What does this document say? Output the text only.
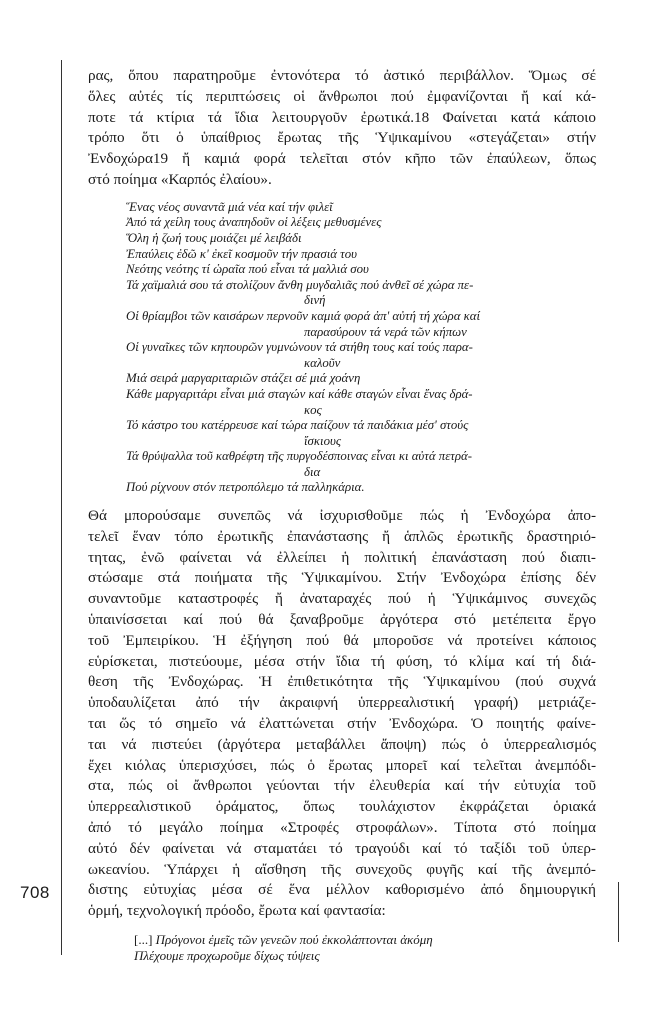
708
ρας, ὅπου παρατηροῦμε ἐντονότερα τό ἀστικό περιβάλλον. Ὅμως σέ
ὅλες αὐτές τίς περιπτώσεις οἱ ἄνθρωποι πού ἐμφανίζονται ἤ καί κά-
ποτε τά κτίρια τά ἴδια λειτουργοῦν ἐρωτικά.18 Φαίνεται κατά κάποιο
τρόπο ὅτι ὁ ὑπαίθριος ἔρωτας τῆς Ὑψικαμίνου «στεγάζεται» στήν
Ἐνδοχώρα19 ἤ καμιά φορά τελεῖται στόν κῆπο τῶν ἐπαύλεων, ὅπως
στό ποίημα «Καρπός ἐλαίου».
Ἕνας νέος συναντᾶ μιά νέα καί τήν φιλεῖ
Ἀπό τά χείλη τους ἀναπηδοῦν οἱ λέξεις μεθυσμένες
Ὅλη ἡ ζωή τους μοιάζει μέ λειβάδι
Ἐπαύλεις ἐδῶ κ' ἐκεῖ κοσμοῦν τήν πρασιά του
Νεότης νεότης τί ὡραῖα πού εἶναι τά μαλλιά σου
Τά χαϊμαλιά σου τά στολίζουν ἄνθη μυγδαλιᾶς πού ἀνθεῖ σέ χώρα πε-
δινή
Οἱ θρίαμβοι τῶν καισάρων περνοῦν καμιά φορά ἀπ' αὐτή τή χώρα καί
παρασύρουν τά νερά τῶν κήπων
Οἱ γυναῖκες τῶν κηπουρῶν γυμνώνουν τά στήθη τους καί τούς παρα-
καλοῦν
Μιά σειρά μαργαριταριῶν στάζει σέ μιά χοάνη
Κάθε μαργαριτάρι εἶναι μιά σταγών καί κάθε σταγών εἶναι ἕνας δρά-
κος
Τό κάστρο του κατέρρευσε καί τώρα παίζουν τά παιδάκια μέσ' στούς
ἴσκιους
Τά θρύψαλλα τοῦ καθρέφτη τῆς πυργοδέσποινας εἶναι κι αὐτά πετρά-
δια
Πού ρίχνουν στόν πετροπόλεμο τά παλληκάρια.
Θά μπορούσαμε συνεπῶς νά ἰσχυρισθοῦμε πώς ἡ Ἐνδοχώρα ἀπο-
τελεῖ ἕναν τόπο ἐρωτικῆς ἐπανάστασης ἤ ἁπλῶς ἐρωτικῆς δραστηριό-
τητας, ἐνῶ φαίνεται νά ἐλλείπει ἡ πολιτική ἐπανάσταση πού διαπι-
στώσαμε στά ποιήματα τῆς Ὑψικαμίνου. Στήν Ἐνδοχώρα ἐπίσης δέν
συναντοῦμε καταστροφές ἤ ἀναταραχές πού ἡ Ὑψικάμινος συνεχῶς
ὑπαινίσσεται καί πού θά ξαναβροῦμε ἀργότερα στό μετέπειτα ἔργο
τοῦ Ἐμπειρίκου. Ἡ ἐξήγηση πού θά μποροῦσε νά προτείνει κάποιος
εὑρίσκεται, πιστεύουμε, μέσα στήν ἴδια τή φύση, τό κλίμα καί τή διά-
θεση τῆς Ἐνδοχώρας. Ἡ ἐπιθετικότητα τῆς Ὑψικαμίνου (πού συχνά
ὑποδαυλίζεται ἀπό τήν ἀκραιφνή ὑπερρεαλιστική γραφή) μετριάζε-
ται ὥς τό σημεῖο νά ἐλαττώνεται στήν Ἐνδοχώρα. Ὁ ποιητής φαίνε-
ται νά πιστεύει (ἀργότερα μεταβάλλει ἄποψη) πώς ὁ ὑπερρεαλισμός
ἔχει κιόλας ὑπερισχύσει, πώς ὁ ἔρωτας μπορεῖ καί τελεῖται ἀνεμπόδι-
στα, πώς οἱ ἄνθρωποι γεύονται τήν ἐλευθερία καί τήν εὐτυχία τοῦ
ὑπερρεαλιστικοῦ ὁράματος, ὅπως τουλάχιστον ἐκφράζεται ὁριακά
ἀπό τό μεγάλο ποίημα «Στροφές στροφάλων». Τίποτα στό ποίημα
αὐτό δέν φαίνεται νά σταματάει τό τραγούδι καί τό ταξίδι τοῦ ὑπερ-
ωκεανίου. Ὑπάρχει ἡ αἴσθηση τῆς συνεχοῦς φυγῆς καί τῆς ἀνεμπό-
διστης εὐτυχίας μέσα σέ ἕνα μέλλον καθορισμένο ἀπό δημιουργική
ὁρμή, τεχνολογική πρόοδο, ἔρωτα καί φαντασία:
[...] Πρόγονοι ἐμεῖς τῶν γενεῶν πού ἐκκολάπτονται ἀκόμη
Πλέχουμε προχωροῦμε δίχως τύψεις
